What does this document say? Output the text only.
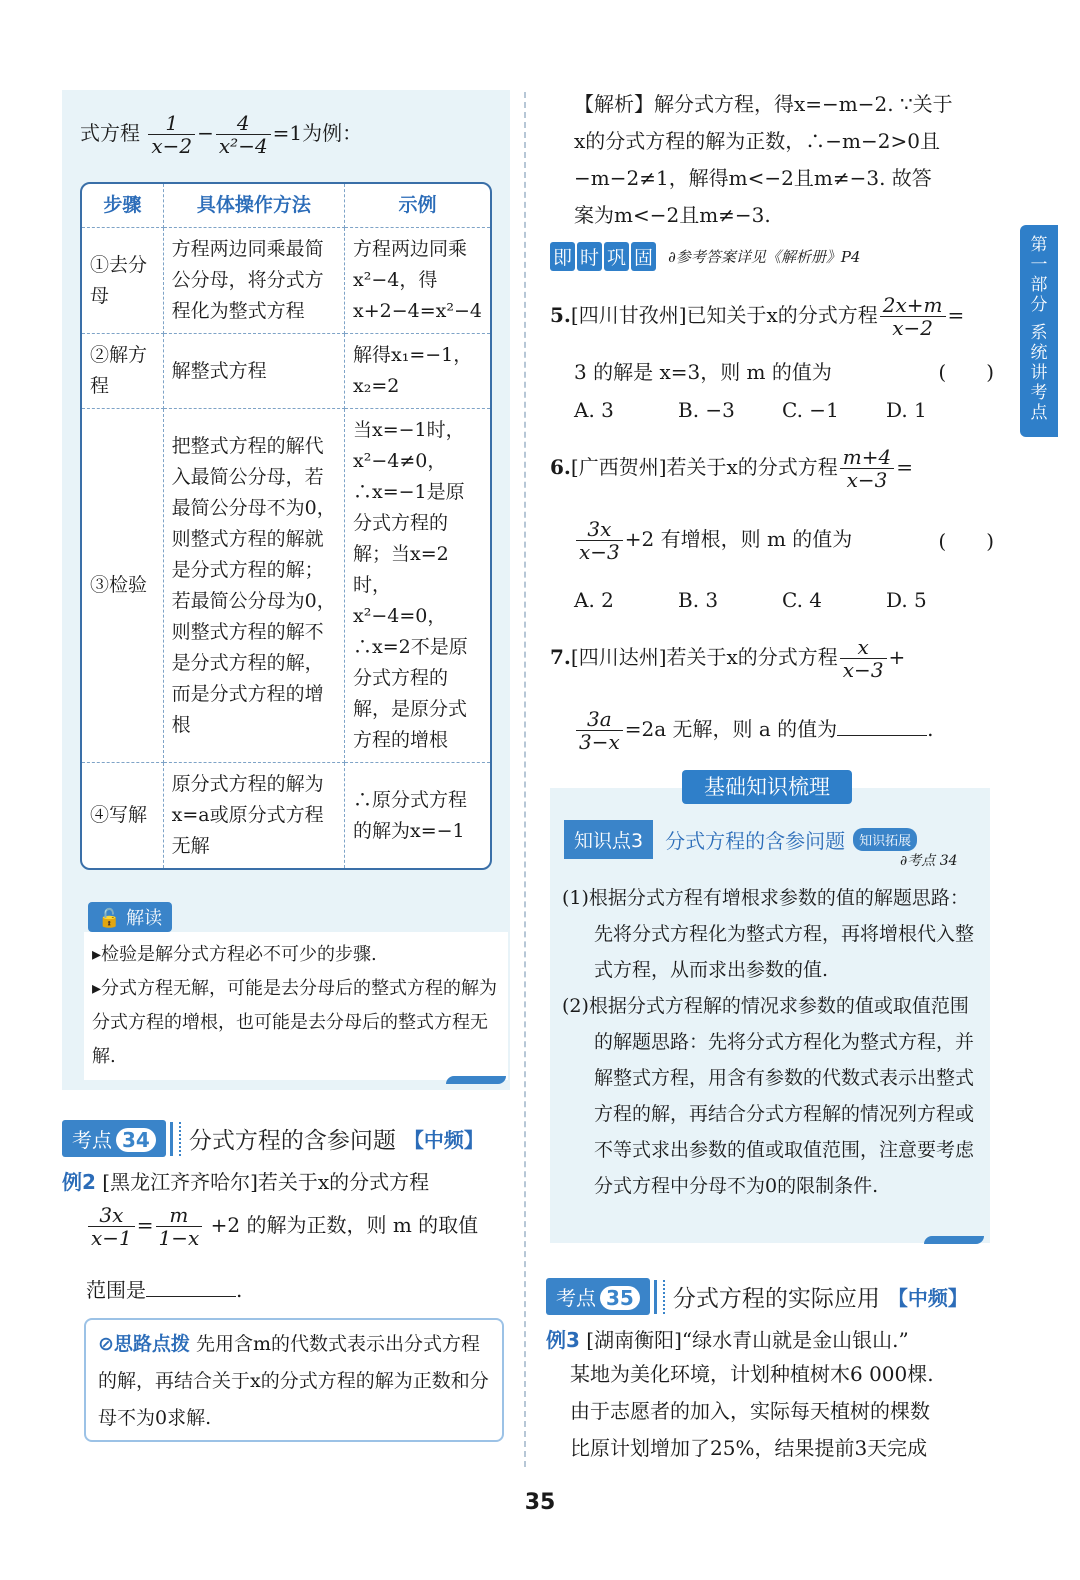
式方程 $\frac{1}{x-2} - \frac{4}{\text{x²−4}} =1$为例：
步骤	具体操作方法	示例
①去分母	方程两边同乘最简公分母，将分式方程化为整式方程	方程两边同乘x²−4，得x+2−4=x²−4
②解方程	解整式方程	解得x₁=−1，x₂=2
③检验	把整式方程的解代入最简公分母，若最简公分母不为0，则整式方程的解就是分式方程的解；若最简公分母为0，则整式方程的解不是分式方程的解，而是分式方程的增根	当x=−1时，x²−4≠0，∴x=−1是原分式方程的解；当x=2时，x²−4=0，∴x=2不是原分式方程的解，是原分式方程的增根
④写解	原分式方程的解为x=a或原分式方程无解	∴原分式方程的解为x=−1
🔓 解读
▸检验是解分式方程必不可少的步骤.
▸分式方程无解，可能是去分母后的整式方程的解为分式方程的增根，也可能是去分母后的整式方程无解.
考点 34	分式方程的含参问题 【中频】
例2 [黑龙江齐齐哈尔]若关于x的分式方程
$\frac{3x}{x-1} = \frac{m}{1-x} +2$ 的解为正数，则 m 的取值
范围是	.
⊘思路点拨 先用含m的代数式表示出分式方程的解，再结合关于x的分式方程的解为正数和分母不为0求解.
【解析】解分式方程，得x=−m−2. ∵关于
x的分式方程的解为正数，∴−m−2>0且
−m−2≠1，解得m<−2且m≠−3. 故答
案为m<−2且m≠−3.
即 时 巩 固 ∂ 参考答案详见《解析册》P4
5.[四川甘孜州]已知关于x的分式方程 $\frac{2x+m}{x-2}$ =
3 的解是 x=3，则 m 的值为	(　　)
A. 3	B. −3	C. −1	D. 1
6.[广西贺州]若关于x的分式方程 $\frac{m+4}{x-3}$ =
$\frac{3x}{x-3} +2$ 有增根，则 m 的值为	(　　)
A. 2	B. 3	C. 4	D. 5
7.[四川达州]若关于x的分式方程 $\frac{x}{x-3}$ +
$\frac{3a}{3-x} =2a$ 无解，则 a 的值为	.
基础知识梳理
知识点3	分式方程的含参问题	知识拓展
∂考点 34

(1)根据分式方程有增根求参数的值的解题思路：先将分式方程化为整式方程，再将增根代入整式方程，从而求出参数的值.

(2)根据分式方程解的情况求参数的值或取值范围的解题思路：先将分式方程化为整式方程，并解整式方程，用含有参数的代数式表示出整式方程的解，再结合分式方程解的情况列方程或不等式求出参数的值或取值范围，注意要考虑分式方程中分母不为0的限制条件.

考点 35	分式方程的实际应用 【中频】
例3 [湖南衡阳]“绿水青山就是金山银山.”
某地为美化环境，计划种植树木6 000棵.
由于志愿者的加入，实际每天植树的棵数
比原计划增加了25%，结果提前3天完成
第
一
部
分
系
统
讲
考
点
35
